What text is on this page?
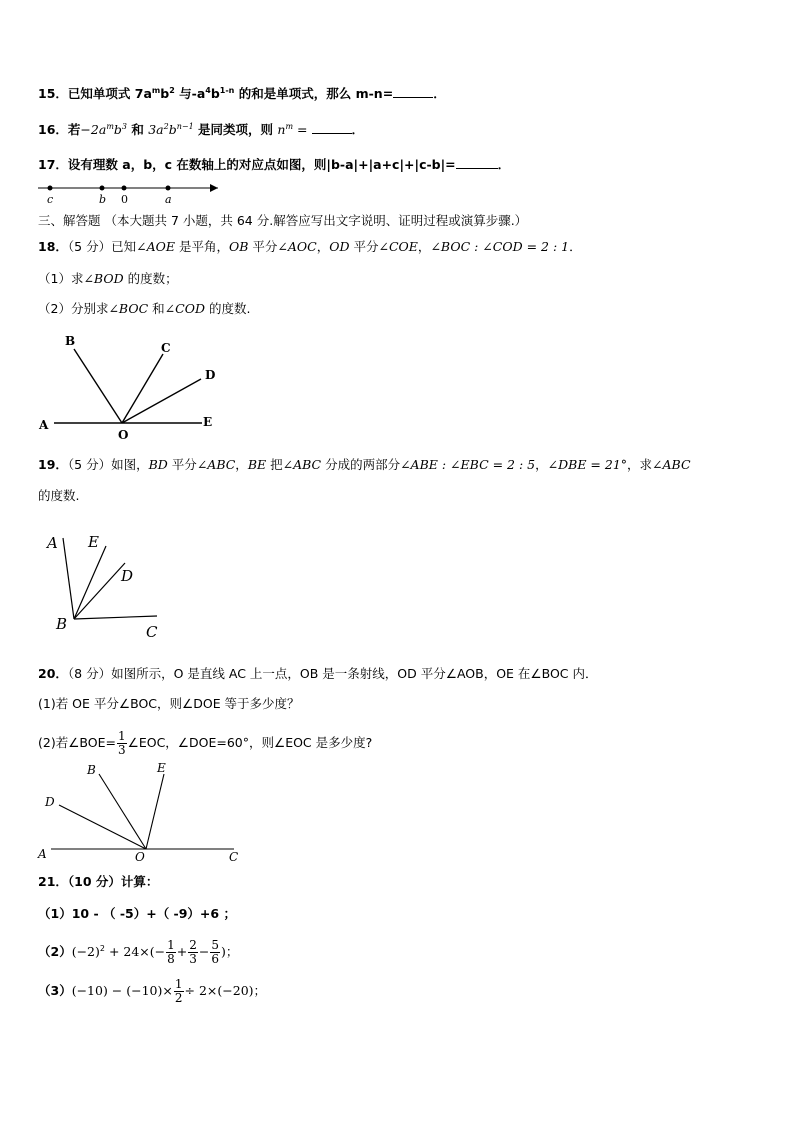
15．已知单项式 $7a^mb^2$ 与$-a^4b^{1-n}$ 的和是单项式，那么 m-n=	．
16．若$-2a^mb^3$ 和 $3a^2b^{n-1}$ 是同类项，则 $n^m$ =	．
17．设有理数 a，b，c 在数轴上的对应点如图，则|b-a|+|a+c|+|c-b|=	．
c	b 0	a
三、解答题 （本大题共 7 小题，共 64 分.解答应写出文字说明、证明过程或演算步骤.）
18．（5 分）已知∠AOE 是平角，OB 平分∠AOC，OD 平分∠COE，∠BOC : ∠COD = 2 : 1．
（1）求∠BOD 的度数；
（2）分别求∠BOC 和∠COD 的度数.
B	C
D
A
O
E
19．（5 分）如图，BD 平分∠ABC，BE 把∠ABC 分成的两部分∠ABE : ∠EBC = 2 : 5，∠DBE = 21°，求∠ABC
的度数.
A E
D
B	C
20．（8 分）如图所示，O 是直线 AC 上一点，OB 是一条射线，OD 平分∠AOB，OE 在∠BOC 内．
(1)若 OE 平分∠BOC，则∠DOE 等于多少度？
(2)若∠BOE= $\frac{1}{3}$ ∠EOC，∠DOE=60°，则∠EOC 是多少度?
B	E
D
A	O	C
21．（10 分）计算：
（1）10 - （ -5）+（ -9）+6 ；
$(2)(-2)^2 + 24\times(- \frac{1}{8} + \frac{2}{3} - \frac{5}{6}$ )；
$(3)(-10) - (-10)\times \frac{1}{2} \div 2\times(-20)$；
